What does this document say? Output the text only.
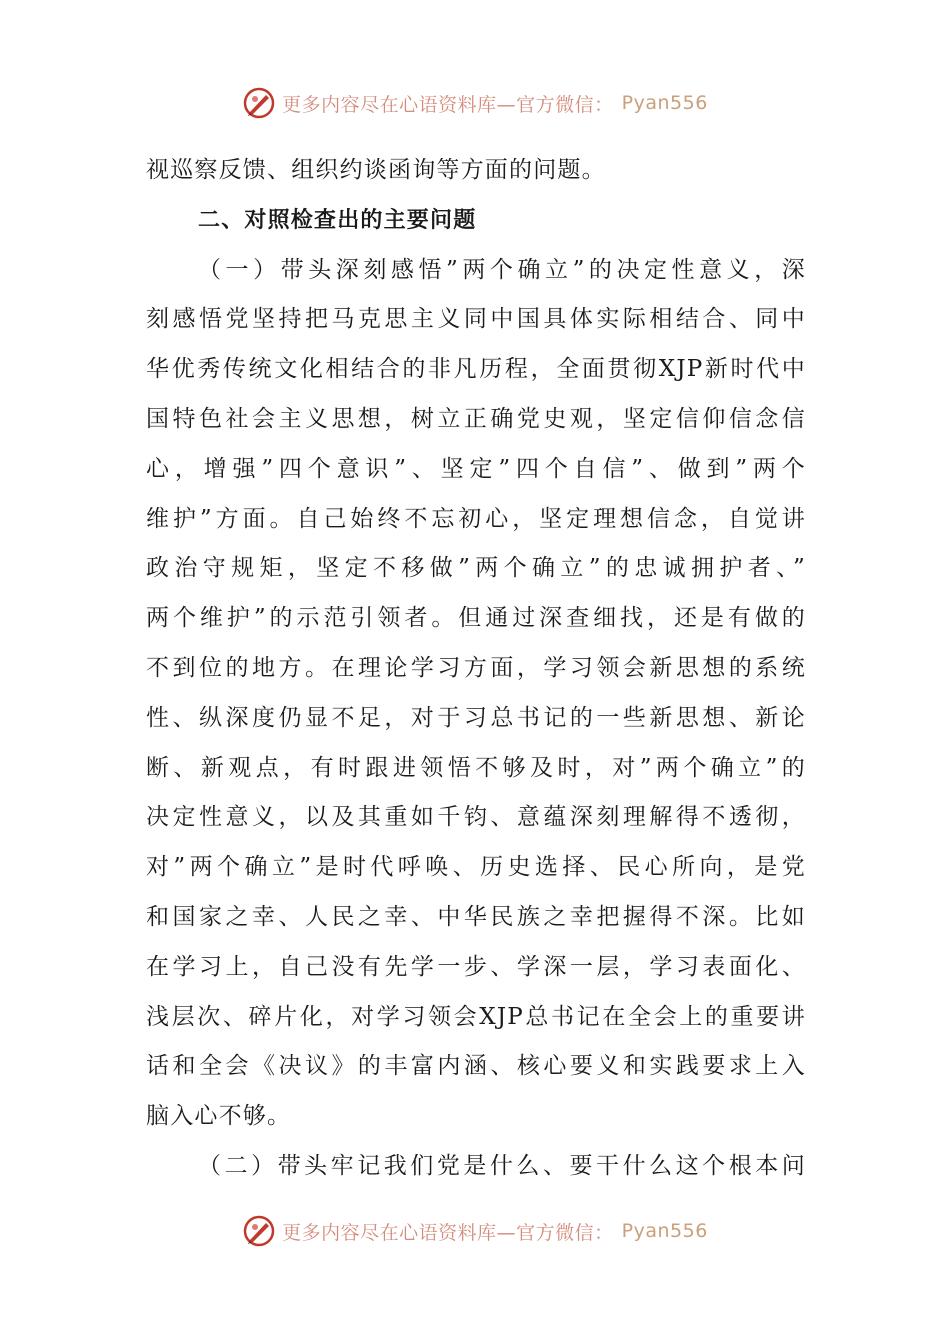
更多内容尽在心语资料库—官方微信： Pyan556
视巡察反馈、组织约谈函询等方面的问题。
二、对照检查出的主要问题
（一）带头深刻感悟”两个确立”的决定性意义，深
刻感悟党坚持把马克思主义同中国具体实际相结合、同中
华优秀传统文化相结合的非凡历程，全面贯彻XJP新时代中
国特色社会主义思想，树立正确党史观，坚定信仰信念信
心，增强”四个意识”、坚定”四个自信”、做到”两个
维护”方面。自己始终不忘初心，坚定理想信念，自觉讲
政治守规矩，坚定不移做”两个确立”的忠诚拥护者、”
两个维护”的示范引领者。但通过深查细找，还是有做的
不到位的地方。在理论学习方面，学习领会新思想的系统
性、纵深度仍显不足，对于习总书记的一些新思想、新论
断、新观点，有时跟进领悟不够及时，对”两个确立”的
决定性意义，以及其重如千钧、意蕴深刻理解得不透彻，
对”两个确立”是时代呼唤、历史选择、民心所向，是党
和国家之幸、人民之幸、中华民族之幸把握得不深。比如
在学习上，自己没有先学一步、学深一层，学习表面化、
浅层次、碎片化，对学习领会XJP总书记在全会上的重要讲
话和全会《决议》的丰富内涵、核心要义和实践要求上入
脑入心不够。
（二）带头牢记我们党是什么、要干什么这个根本问
更多内容尽在心语资料库—官方微信： Pyan556
